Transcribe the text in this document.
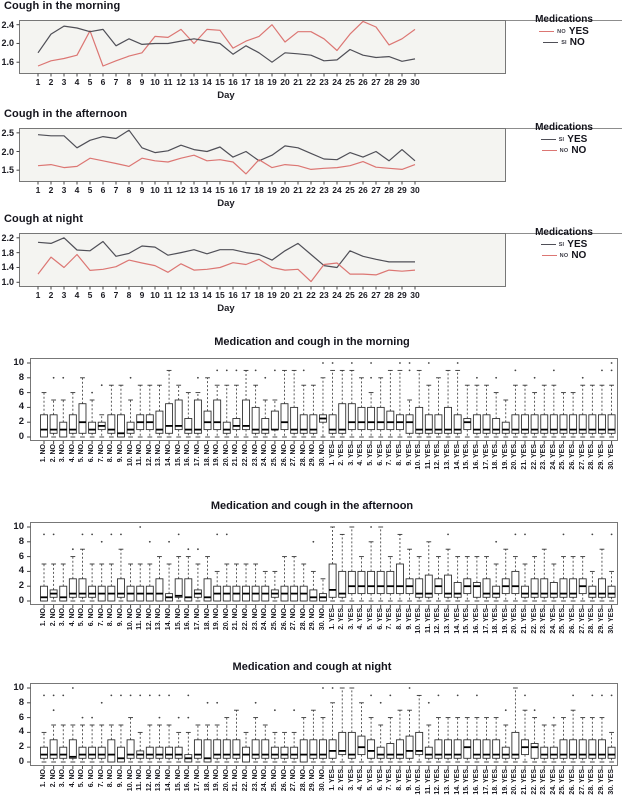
Cough in the morning
Day
Medications
NO YES
SI NO
2.4
2.0
1.6
1 2 3 4 5 6 7 8 9 10 11 12 13 14 15 16 17 18 19 20 21 22 23 24 25 26 27 28 29 30
Cough in the afternoon
Day
Medications
SI YES
NO NO
2.5
2.0
1.5
1 2 3 4 5 6 7 8 9 10 11 12 13 14 15 16 17 18 19 20 21 22 23 24 25 26 27 28 29 30
Cough at night
Day
Medications
SI YES
NO NO
2.2
1.8
1.4
1.0
1 2 3 4 5 6 7 8 9 10 11 12 13 14 15 16 17 18 19 20 21 22 23 24 25 26 27 28 29 30
Medication and cough in the morning
10
8
6
4
2
0
1. NO 2. NO 3. NO 4. NO 5. NO 6. NO 7. NO 8. NO 9. NO 10. NO 11. NO 12. NO 13. NO 14. NO 15. NO 16. NO 17. NO 18. NO 19. NO 20. NO 21. NO 22. NO 23. NO 24. NO 25. NO 26. NO 27. NO 28. NO 29. NO 30. NO 1. YES 2. YES 3. YES 4. YES 5. YES 6. YES 7. YES 8. YES 9. YES 10. YES 11. YES 12. YES 13. YES 14. YES 15. YES 16. YES 17. YES 18. YES 19. YES 20. YES 21. YES 22. YES 23. YES 24. YES 25. YES 26. YES 27. YES 28. YES 29. YES 30. YES
Medication and cough in the afternoon
10
8
6
4
2
0
1. NO 2. NO 3. NO 4. NO 5. NO 6. NO 7. NO 8. NO 9. NO 10. NO 11. NO 12. NO 13. NO 14. NO 15. NO 16. NO 17. NO 18. NO 19. NO 20. NO 21. NO 22. NO 23. NO 24. NO 25. NO 26. NO 27. NO 28. NO 29. NO 30. NO 1. YES 2. YES 3. YES 4. YES 5. YES 6. YES 7. YES 8. YES 9. YES 10. YES 11. YES 12. YES 13. YES 14. YES 15. YES 16. YES 17. YES 18. YES 19. YES 20. YES 21. YES 22. YES 23. YES 24. YES 25. YES 26. YES 27. YES 28. YES 29. YES 30. YES
Medication and cough at night
10
8
6
4
2
0
1. NO 2. NO 3. NO 4. NO 5. NO 6. NO 7. NO 8. NO 9. NO 10. NO 11. NO 12. NO 13. NO 14. NO 15. NO 16. NO 17. NO 18. NO 19. NO 20. NO 21. NO 22. NO 23. NO 24. NO 25. NO 26. NO 27. NO 28. NO 29. NO 30. NO 1. YES 2. YES 3. YES 4. YES 5. YES 6. YES 7. YES 8. YES 9. YES 10. YES 11. YES 12. YES 13. YES 14. YES 15. YES 16. YES 17. YES 18. YES 19. YES 20. YES 21. YES 22. YES 23. YES 24. YES 25. YES 26. YES 27. YES 28. YES 29. YES 30. YES
